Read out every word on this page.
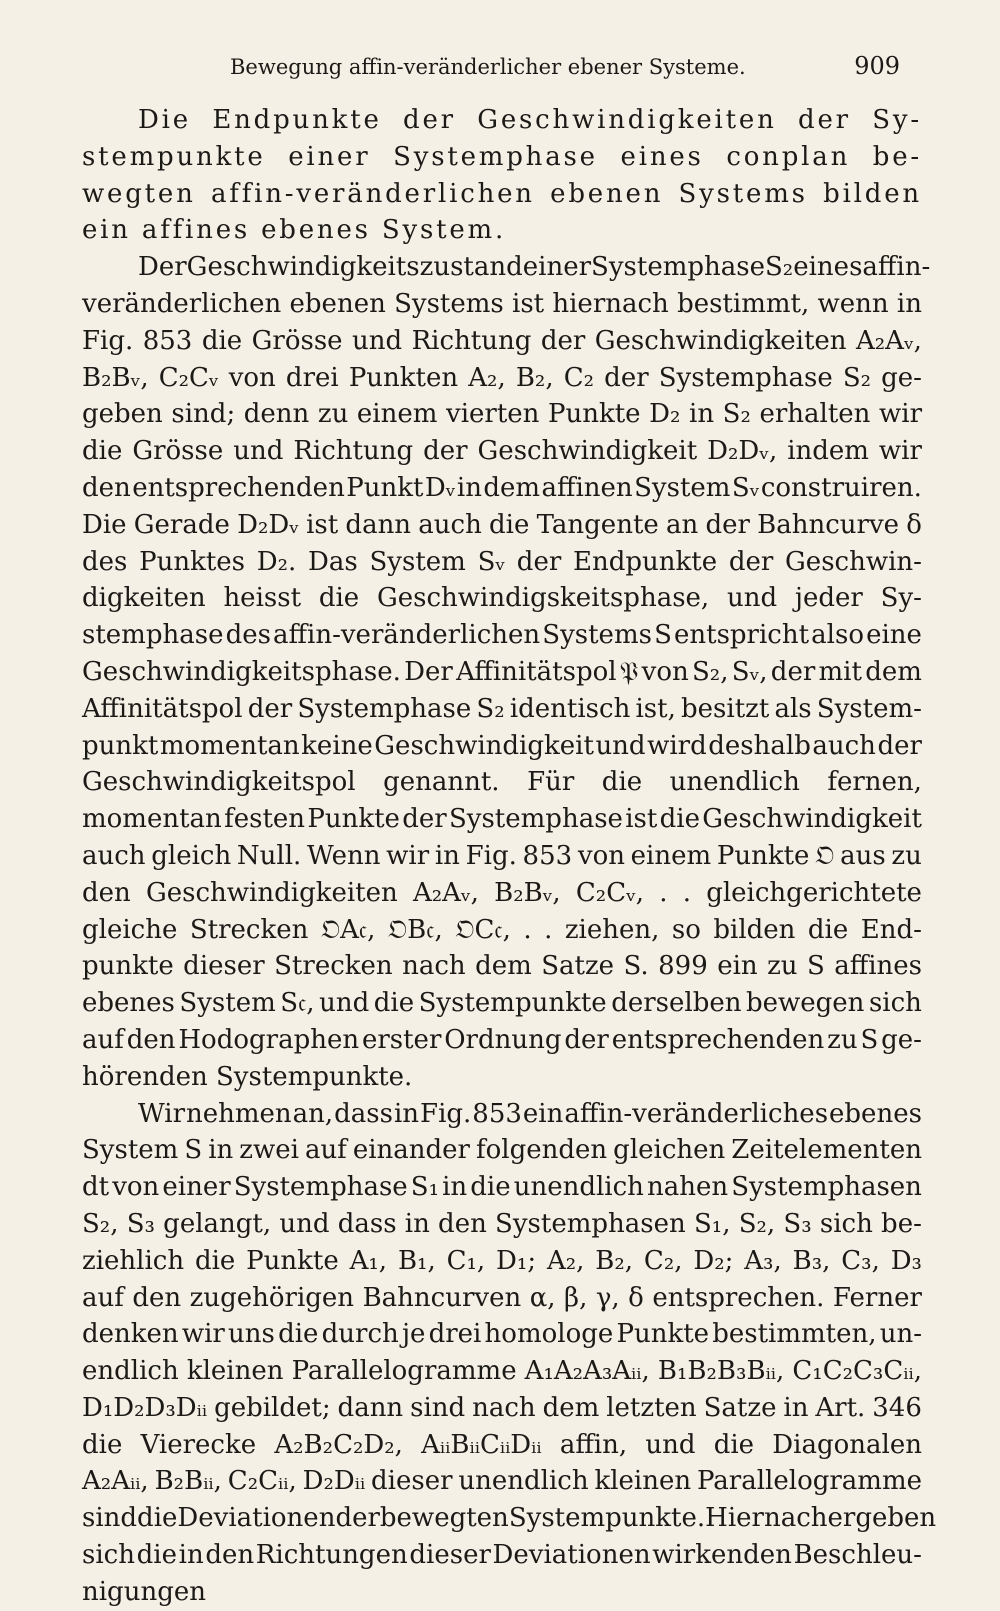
Bewegung affin-veränderlicher ebener Systeme.	909
Die Endpunkte der Geschwindigkeiten der Sy-
stempunkte einer Systemphase eines conplan be-
wegten affin-veränderlichen ebenen Systems bilden
ein affines ebenes System.
Der Geschwindigkeitszustand einer Systemphase S₂ eines affin-
veränderlichen ebenen Systems ist hiernach bestimmt, wenn in
Fig. 853 die Grösse und Richtung der Geschwindigkeiten A₂Aᵥ,
B₂Bᵥ, C₂Cᵥ von drei Punkten A₂, B₂, C₂ der Systemphase S₂ ge-
geben sind; denn zu einem vierten Punkte D₂ in S₂ erhalten wir
die Grösse und Richtung der Geschwindigkeit D₂Dᵥ, indem wir
den entsprechenden Punkt Dᵥ in dem affinen System Sᵥ construiren.
Die Gerade D₂Dᵥ ist dann auch die Tangente an der Bahncurve δ
des Punktes D₂. Das System Sᵥ der Endpunkte der Geschwin-
digkeiten heisst die Geschwindigskeitsphase, und jeder Sy-
stemphase des affin-veränderlichen Systems S entspricht also eine
Geschwindigkeitsphase. Der Affinitätspol 𝔓 von S₂, Sᵥ, der mit dem
Affinitätspol der Systemphase S₂ identisch ist, besitzt als System-
punkt momentan keine Geschwindigkeit und wird deshalb auch der
Geschwindigkeitspol genannt. Für die unendlich fernen,
momentan festen Punkte der Systemphase ist die Geschwindigkeit
auch gleich Null. Wenn wir in Fig. 853 von einem Punkte 𝔒 aus zu
den Geschwindigkeiten A₂Aᵥ, B₂Bᵥ, C₂Cᵥ, . . gleichgerichtete
gleiche Strecken 𝔒A𝔠, 𝔒B𝔠, 𝔒C𝔠, . . ziehen, so bilden die End-
punkte dieser Strecken nach dem Satze S. 899 ein zu S affines
ebenes System S𝔠, und die Systempunkte derselben bewegen sich
auf den Hodographen erster Ordnung der entsprechenden zu S ge-
hörenden Systempunkte.
Wir nehmen an, dass in Fig. 853 ein affin-veränderliches ebenes
System S in zwei auf einander folgenden gleichen Zeitelementen
dt von einer Systemphase S₁ in die unendlich nahen Systemphasen
S₂, S₃ gelangt, und dass in den Systemphasen S₁, S₂, S₃ sich be-
ziehlich die Punkte A₁, B₁, C₁, D₁; A₂, B₂, C₂, D₂; A₃, B₃, C₃, D₃
auf den zugehörigen Bahncurven α, β, γ, δ entsprechen. Ferner
denken wir uns die durch je drei homologe Punkte bestimmten, un-
endlich kleinen Parallelogramme A₁A₂A₃Aᵢᵢ, B₁B₂B₃Bᵢᵢ, C₁C₂C₃Cᵢᵢ,
D₁D₂D₃Dᵢᵢ gebildet; dann sind nach dem letzten Satze in Art. 346
die Vierecke A₂B₂C₂D₂, AᵢᵢBᵢᵢCᵢᵢDᵢᵢ affin, und die Diagonalen
A₂Aᵢᵢ, B₂Bᵢᵢ, C₂Cᵢᵢ, D₂Dᵢᵢ dieser unendlich kleinen Parallelogramme
sind die Deviationen der bewegten Systempunkte. Hiernach ergeben
sich die in den Richtungen dieser Deviationen wirkenden Beschleu-
nigungen
